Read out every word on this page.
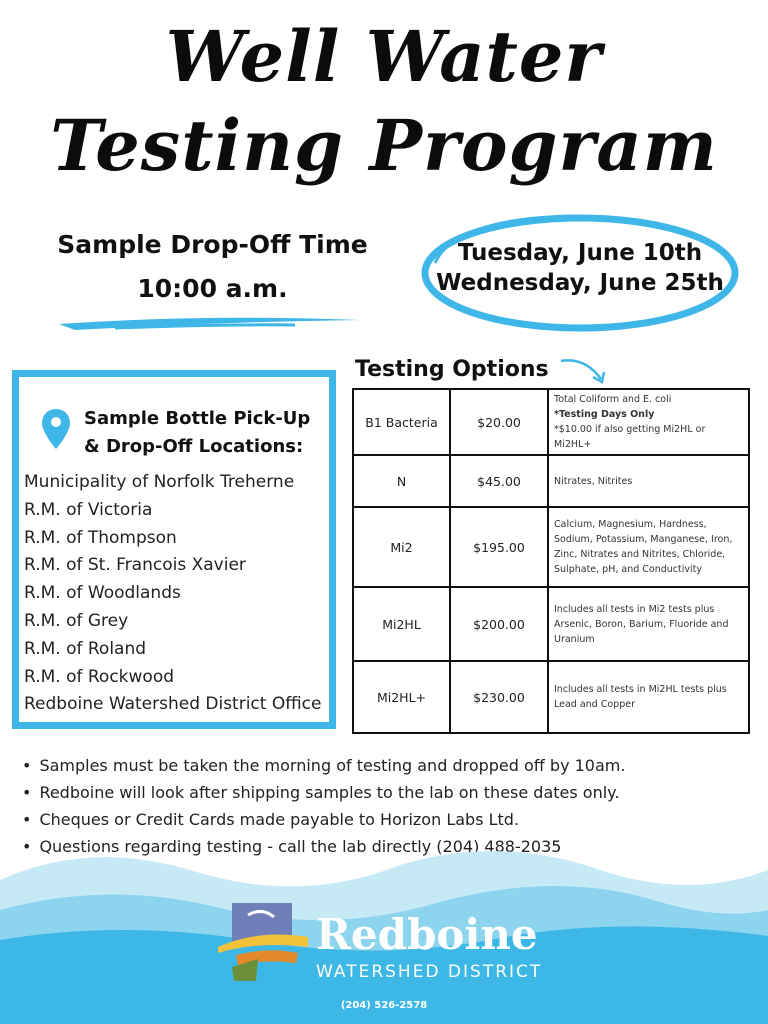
Well Water
Testing Program
Sample Drop-Off Time
10:00 a.m.
Tuesday, June 10th
Wednesday, June 25th
Testing Options
Sample Bottle Pick-Up
& Drop-Off Locations:
Municipality of Norfolk Treherne
R.M. of Victoria
R.M. of Thompson
R.M. of St. Francois Xavier
R.M. of Woodlands
R.M. of Grey
R.M. of Roland
R.M. of Rockwood
Redboine Watershed District Office
B1 Bacteria	$20.00	Total Coliform and E. coli
*Testing Days Only
*$10.00 if also getting Mi2HL or Mi2HL+
N	$45.00	Nitrates, Nitrites
Mi2	$195.00	Calcium, Magnesium, Hardness, Sodium, Potassium, Manganese, Iron, Zinc, Nitrates and Nitrites, Chloride, Sulphate, pH, and Conductivity
Mi2HL	$200.00	Includes all tests in Mi2 tests plus Arsenic, Boron, Barium, Fluoride and Uranium
Mi2HL+	$230.00	Includes all tests in Mi2HL tests plus Lead and Copper
• Samples must be taken the morning of testing and dropped off by 10am.
• Redboine will look after shipping samples to the lab on these dates only.
• Cheques or Credit Cards made payable to Horizon Labs Ltd.
• Questions regarding testing - call the lab directly (204) 488-2035
Redboine
WATERSHED DISTRICT
(204) 526-2578
